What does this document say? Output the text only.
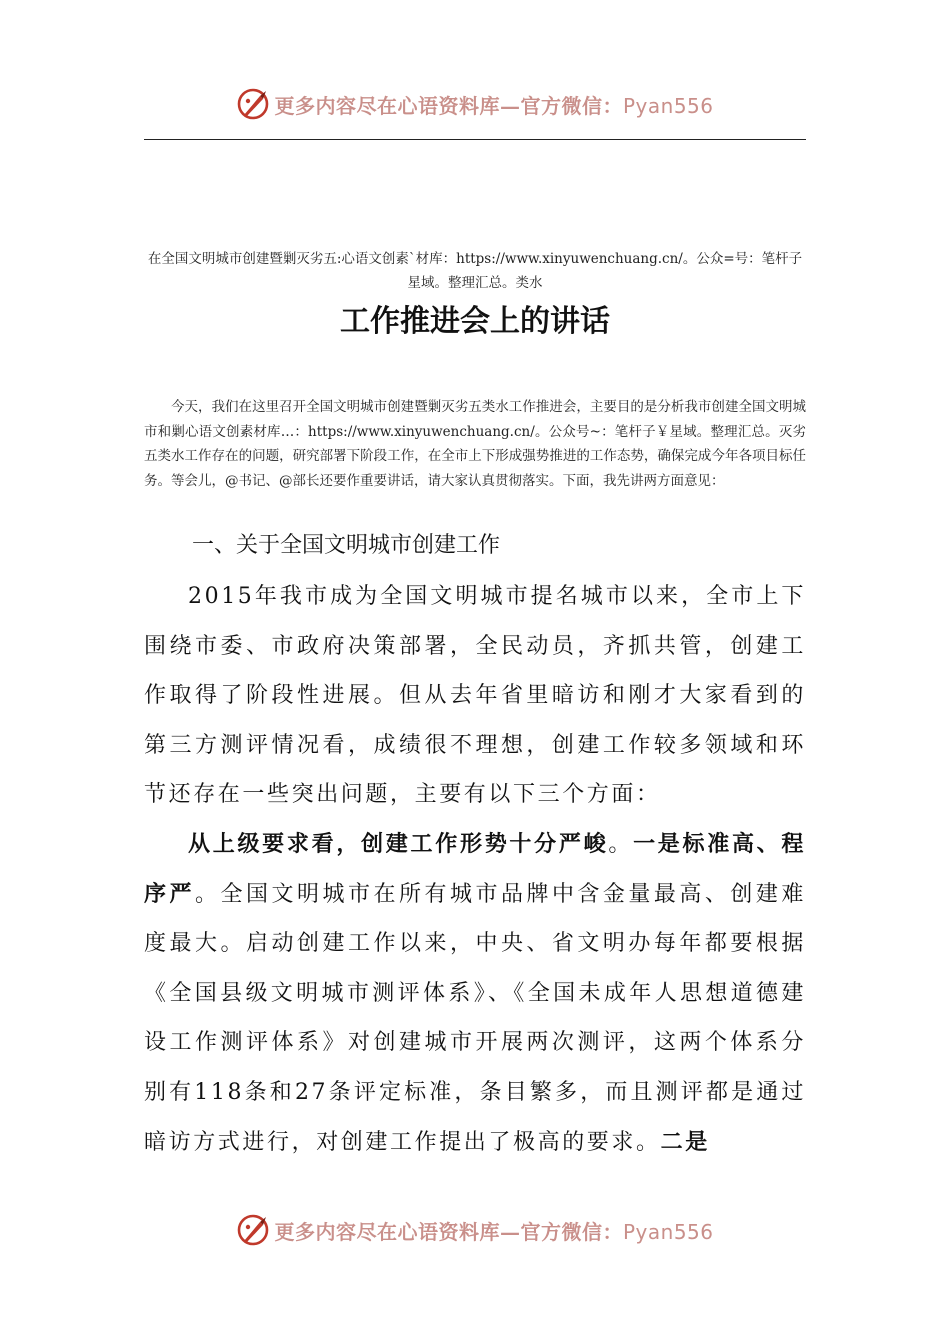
更多内容尽在心语资料库—官方微信：Pyan556
在全国文明城市创建暨剿灭劣五:心语文创素`材库：https://www.xinyuwenchuang.cn/。公众=号：笔杆子星域。整理汇总。类水
工作推进会上的讲话
今天，我们在这里召开全国文明城市创建暨剿灭劣五类水工作推进会，主要目的是分析我市创建全国文明城市和剿心语文创素材库…：https://www.xinyuwenchuang.cn/。公众号~：笔杆子￥星域。整理汇总。灭劣五类水工作存在的问题，研究部署下阶段工作，在全市上下形成强势推进的工作态势，确保完成今年各项目标任务。等会儿，@书记、@部长还要作重要讲话，请大家认真贯彻落实。下面，我先讲两方面意见：
一、关于全国文明城市创建工作
2015年我市成为全国文明城市提名城市以来，全市上下围绕市委、市政府决策部署，全民动员，齐抓共管，创建工作取得了阶段性进展。但从去年省里暗访和刚才大家看到的第三方测评情况看，成绩很不理想，创建工作较多领域和环节还存在一些突出问题，主要有以下三个方面：
从上级要求看，创建工作形势十分严峻。一是标准高、程序严。全国文明城市在所有城市品牌中含金量最高、创建难度最大。启动创建工作以来，中央、省文明办每年都要根据《全国县级文明城市测评体系》、《全国未成年人思想道德建设工作测评体系》对创建城市开展两次测评，这两个体系分别有118条和27条评定标准，条目繁多，而且测评都是通过暗访方式进行，对创建工作提出了极高的要求。二是
更多内容尽在心语资料库—官方微信：Pyan556
